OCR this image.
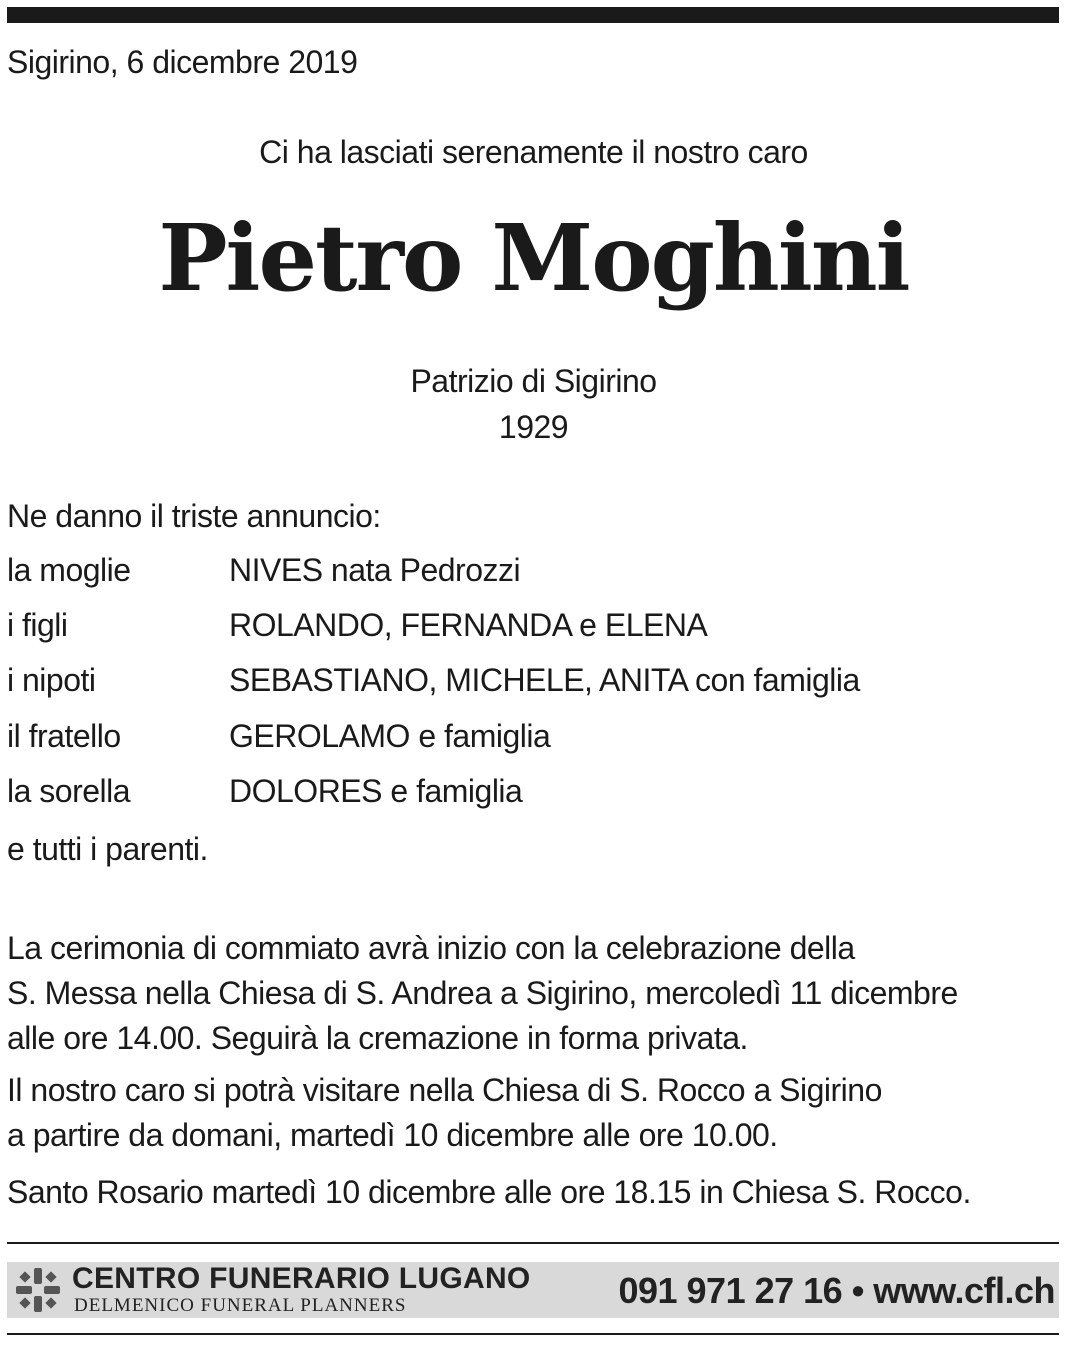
Sigirino, 6 dicembre 2019
Ci ha lasciati serenamente il nostro caro
Pietro Moghini
Patrizio di Sigirino
1929
Ne danno il triste annuncio:
la moglie	NIVES nata Pedrozzi
i figli	ROLANDO, FERNANDA e ELENA
i nipoti	SEBASTIANO, MICHELE, ANITA con famiglia
il fratello	GEROLAMO e famiglia
la sorella	DOLORES e famiglia
e tutti i parenti.
La cerimonia di commiato avrà inizio con la celebrazione della
S. Messa nella Chiesa di S. Andrea a Sigirino, mercoledì 11 dicembre
alle ore 14.00. Seguirà la cremazione in forma privata.
Il nostro caro si potrà visitare nella Chiesa di S. Rocco a Sigirino
a partire da domani, martedì 10 dicembre alle ore 10.00.
Santo Rosario martedì 10 dicembre alle ore 18.15 in Chiesa S. Rocco.
CENTRO FUNERARIO LUGANO
DELMENICO FUNERAL PLANNERS	091 971 27 16 • www.cfl.ch
